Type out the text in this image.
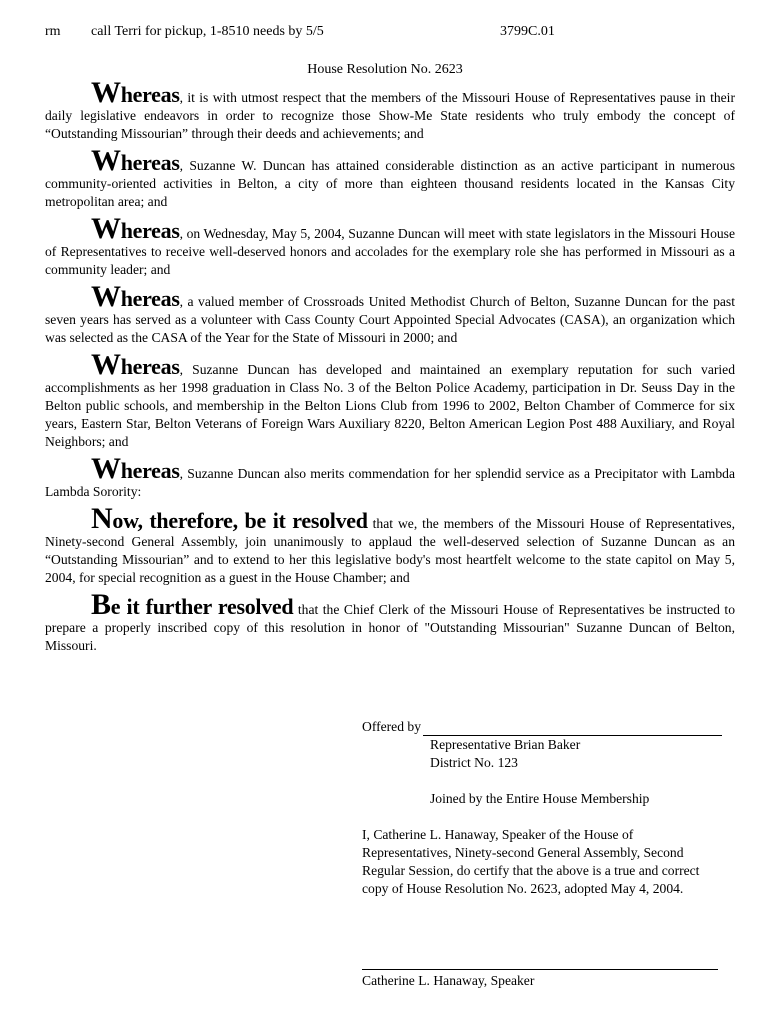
rm call Terri for pickup, 1-8510 needs by 5/5	3799C.01
House Resolution No. 2623

Whereas, it is with utmost respect that the members of the Missouri House of Representatives pause in their daily legislative endeavors in order to recognize those Show-Me State residents who truly embody the concept of “Outstanding Missourian” through their deeds and achievements; and

Whereas, Suzanne W. Duncan has attained considerable distinction as an active participant in numerous community-oriented activities in Belton, a city of more than eighteen thousand residents located in the Kansas City metropolitan area; and

Whereas, on Wednesday, May 5, 2004, Suzanne Duncan will meet with state legislators in the Missouri House of Representatives to receive well-deserved honors and accolades for the exemplary role she has performed in Missouri as a community leader; and

Whereas, a valued member of Crossroads United Methodist Church of Belton, Suzanne Duncan for the past seven years has served as a volunteer with Cass County Court Appointed Special Advocates (CASA), an organization which was selected as the CASA of the Year for the State of Missouri in 2000; and

Whereas, Suzanne Duncan has developed and maintained an exemplary reputation for such varied accomplishments as her 1998 graduation in Class No. 3 of the Belton Police Academy, participation in Dr. Seuss Day in the Belton public schools, and membership in the Belton Lions Club from 1996 to 2002, Belton Chamber of Commerce for six years, Eastern Star, Belton Veterans of Foreign Wars Auxiliary 8220, Belton American Legion Post 488 Auxiliary, and Royal Neighbors; and

Whereas, Suzanne Duncan also merits commendation for her splendid service as a Precipitator with Lambda Lambda Sorority:

Now, therefore, be it resolved that we, the members of the Missouri House of Representatives, Ninety-second General Assembly, join unanimously to applaud the well-deserved selection of Suzanne Duncan as an “Outstanding Missourian” and to extend to her this legislative body's most heartfelt welcome to the state capitol on May 5, 2004, for special recognition as a guest in the House Chamber; and

Be it further resolved that the Chief Clerk of the Missouri House of Representatives be instructed to prepare a properly inscribed copy of this resolution in honor of "Outstanding Missourian" Suzanne Duncan of Belton, Missouri.

Offered by
Representative Brian Baker
District No. 123
Joined by the Entire House Membership
I, Catherine L. Hanaway, Speaker of the House of Representatives, Ninety-second General Assembly, Second Regular Session, do certify that the above is a true and correct copy of House Resolution No. 2623, adopted May 4, 2004.
Catherine L. Hanaway, Speaker
